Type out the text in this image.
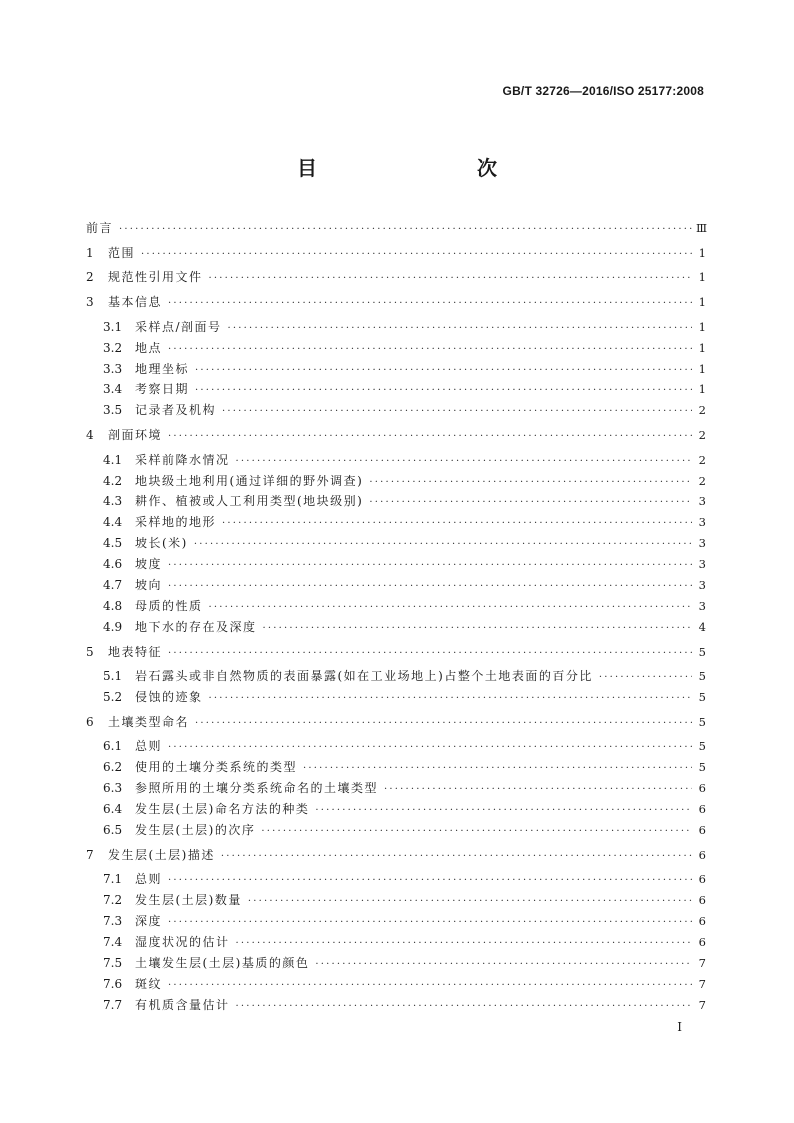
GB/T 32726—2016/ISO 25177:2008
目　　次
前言 ·····	Ⅲ
1	范围 ·····	1
2	规范性引用文件 ·····	1
3	基本信息 ·····	1
3.1	采样点/剖面号 ·····	1
3.2	地点 ·····	1
3.3	地理坐标 ·····	1
3.4	考察日期 ·····	1
3.5	记录者及机构 ·····	2
4	剖面环境 ·····	2
4.1	采样前降水情况 ·····	2
4.2	地块级土地利用(通过详细的野外调查) ·····	2
4.3	耕作、植被或人工利用类型(地块级别) ·····	3
4.4	采样地的地形 ·····	3
4.5	坡长(米) ·····	3
4.6	坡度 ·····	3
4.7	坡向 ·····	3
4.8	母质的性质 ·····	3
4.9	地下水的存在及深度 ·····	4
5	地表特征 ·····	5
5.1	岩石露头或非自然物质的表面暴露(如在工业场地上)占整个土地表面的百分比 ·····	5
5.2	侵蚀的迹象 ·····	5
6	土壤类型命名 ·····	5
6.1	总则 ·····	5
6.2	使用的土壤分类系统的类型 ·····	5
6.3	参照所用的土壤分类系统命名的土壤类型 ·····	6
6.4	发生层(土层)命名方法的种类 ·····	6
6.5	发生层(土层)的次序 ·····	6
7	发生层(土层)描述 ·····	6
7.1	总则 ·····	6
7.2	发生层(土层)数量 ·····	6
7.3	深度 ·····	6
7.4	湿度状况的估计 ·····	6
7.5	土壤发生层(土层)基质的颜色 ·····	7
7.6	斑纹 ·····	7
7.7	有机质含量估计 ·····	7
I
